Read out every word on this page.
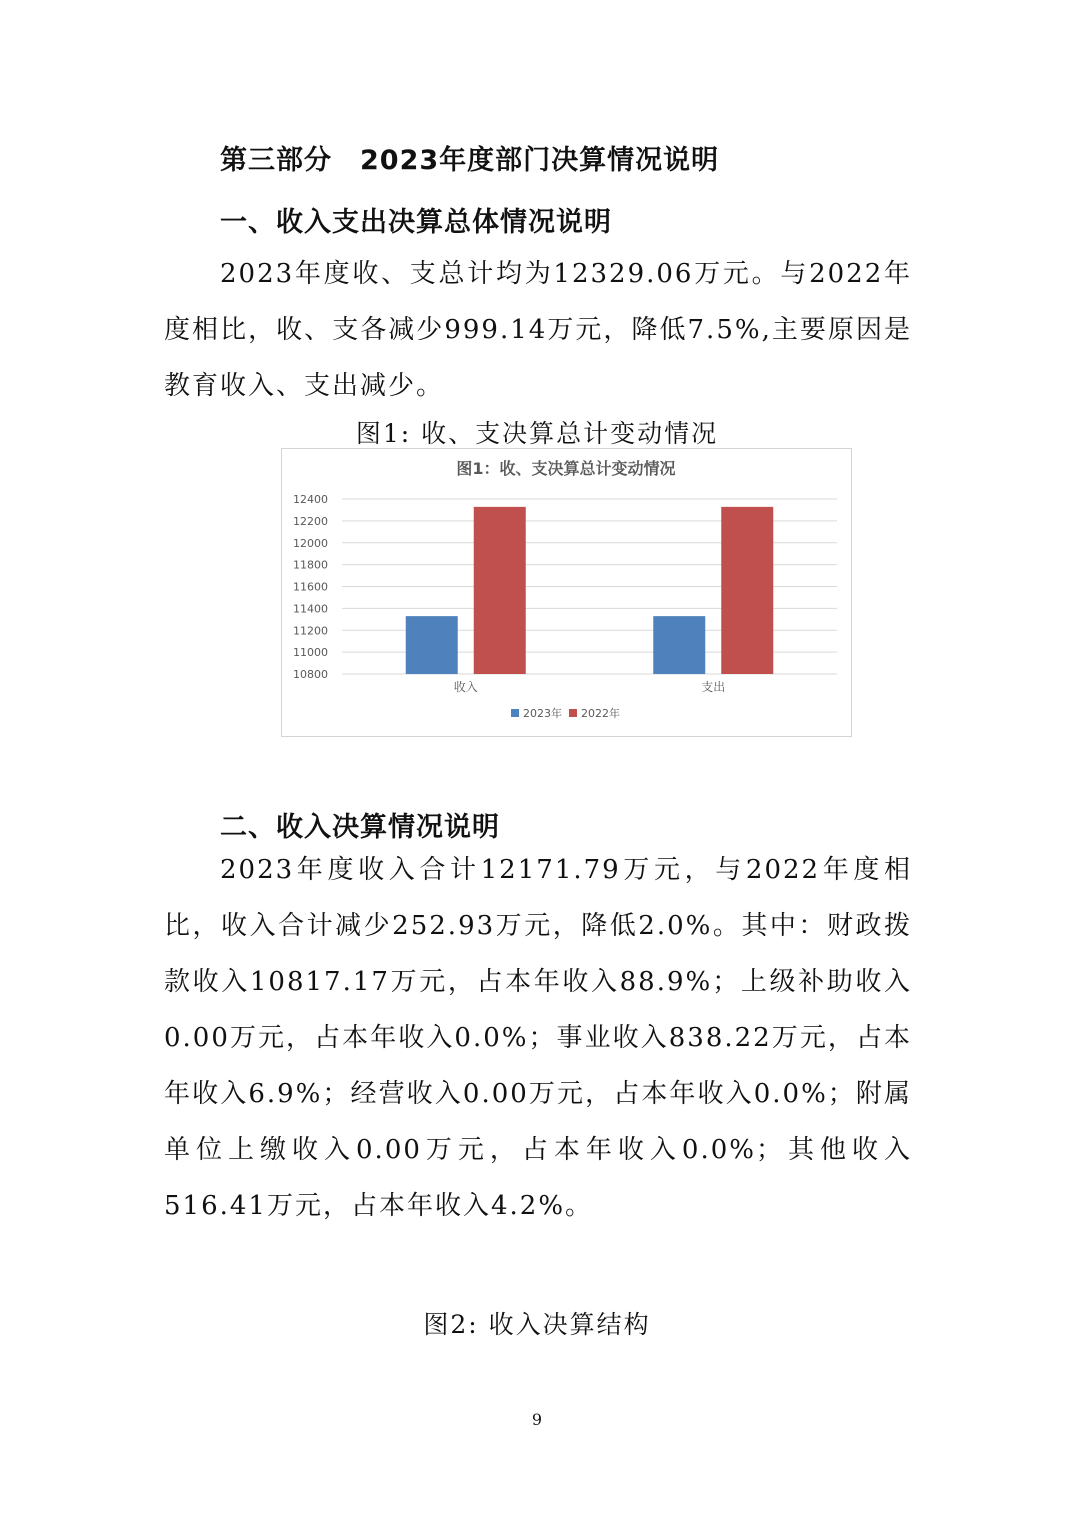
第三部分　2023年度部门决算情况说明
一、收入支出决算总体情况说明
2023年度收、支总计均为12329.06万元。与2022年度相比，收、支各减少999.14万元，降低7.5%,主要原因是教育收入、支出减少。
图1: 收、支决算总计变动情况
图1：收、支决算总计变动情况
10800
11000
11200
11400
11600
11800
12000
12200
12400
收入	支出
2023年 2022年
二、收入决算情况说明
2023年度收入合计12171.79万元，与2022年度相比，收入合计减少252.93万元，降低2.0%。其中：财政拨款收入10817.17万元，占本年收入88.9%；上级补助收入0.00万元，占本年收入0.0%；事业收入838.22万元，占本年收入6.9%；经营收入0.00万元，占本年收入0.0%；附属单位上缴收入0.00万元，占本年收入0.0%；其他收入516.41万元，占本年收入4.2%。
图2: 收入决算结构
9
